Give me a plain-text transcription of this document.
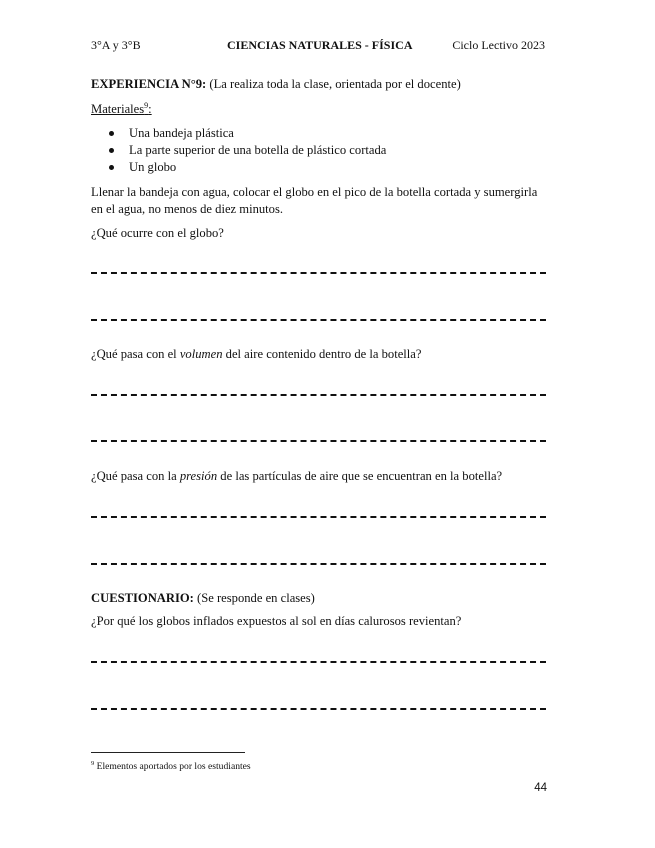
3°A y 3°B	CIENCIAS NATURALES - FÍSICA	Ciclo Lectivo 2023
EXPERIENCIA N°9: (La realiza toda la clase, orientada por el docente)
Materiales$^9$:
Una bandeja plástica
La parte superior de una botella de plástico cortada
Un globo
Llenar la bandeja con agua, colocar el globo en el pico de la botella cortada y sumergirla en el agua, no menos de diez minutos.
¿Qué ocurre con el globo?
¿Qué pasa con el volumen del aire contenido dentro de la botella?
¿Qué pasa con la presión de las partículas de aire que se encuentran en la botella?
CUESTIONARIO: (Se responde en clases)
¿Por qué los globos inflados expuestos al sol en días calurosos revientan?
$^9$ Elementos aportados por los estudiantes
44
